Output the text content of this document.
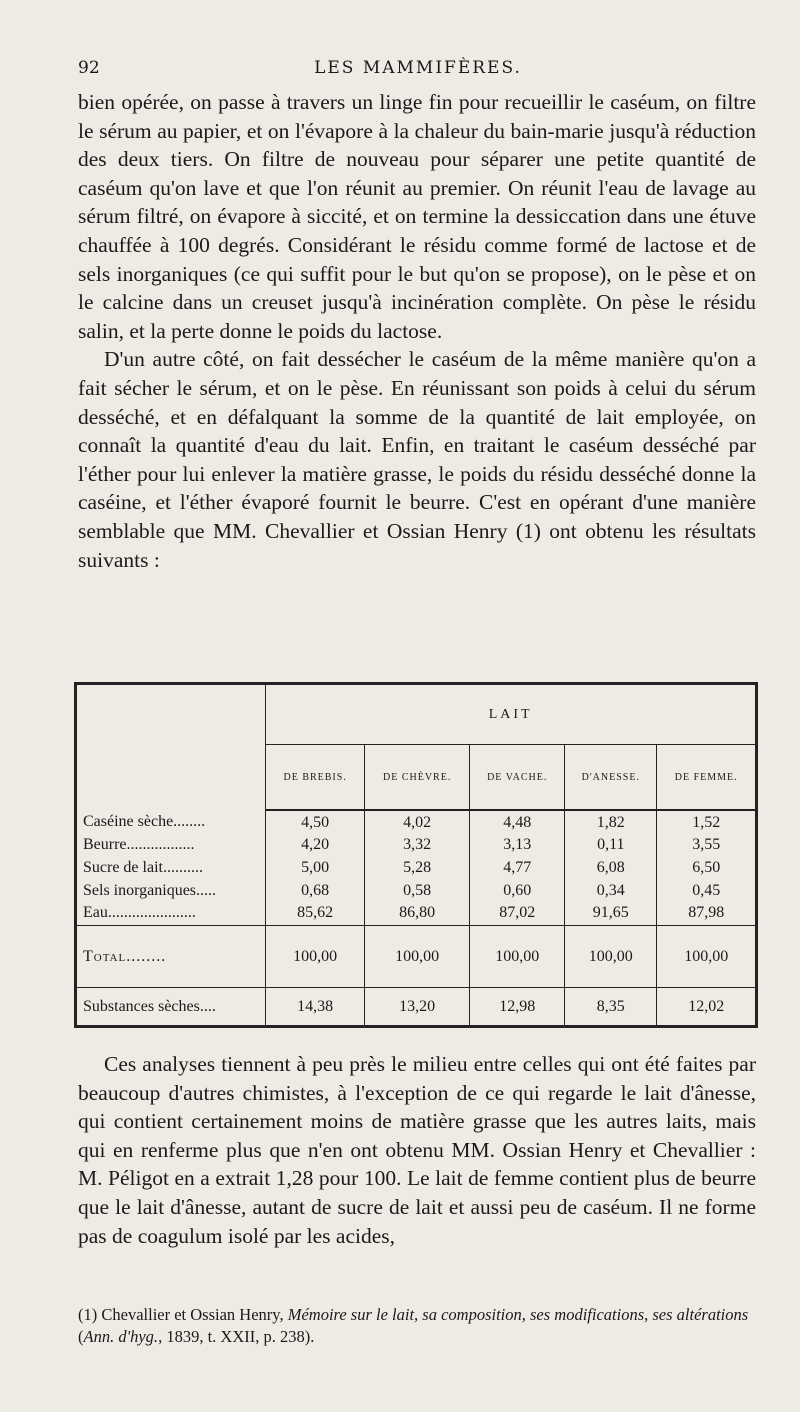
92	LES MAMMIFÈRES.

bien opérée, on passe à travers un linge fin pour recueillir le caséum, on filtre le sérum au papier, et on l'évapore à la chaleur du bain-marie jusqu'à réduction des deux tiers. On filtre de nouveau pour séparer une petite quantité de caséum qu'on lave et que l'on réunit au premier. On réunit l'eau de lavage au sérum filtré, on évapore à siccité, et on termine la dessiccation dans une étuve chauffée à 100 degrés. Considérant le résidu comme formé de lactose et de sels inorganiques (ce qui suffit pour le but qu'on se propose), on le pèse et on le calcine dans un creuset jusqu'à incinération complète. On pèse le résidu salin, et la perte donne le poids du lactose.

D'un autre côté, on fait dessécher le caséum de la même manière qu'on a fait sécher le sérum, et on le pèse. En réunissant son poids à celui du sérum desséché, et en défalquant la somme de la quantité de lait employée, on connaît la quantité d'eau du lait. Enfin, en traitant le caséum desséché par l'éther pour lui enlever la matière grasse, le poids du résidu desséché donne la caséine, et l'éther évaporé fournit le beurre. C'est en opérant d'une manière semblable que MM. Chevallier et Ossian Henry (1) ont obtenu les résultats suivants :

	LAIT				
	DE BREBIS.	DE CHÈVRE.	DE VACHE.	D'ANESSE.	DE FEMME.
Caséine sèche........	4,50	4,02	4,48	1,82	1,52
Beurre.................	4,20	3,32	3,13	0,11	3,55
Sucre de lait..........	5,00	5,28	4,77	6,08	6,50
Sels inorganiques.....	0,68	0,58	0,60	0,34	0,45
Eau......................	85,62	86,80	87,02	91,65	87,98
Total........	100,00	100,00	100,00	100,00	100,00
Substances sèches....	14,38	13,20	12,98	8,35	12,02

Ces analyses tiennent à peu près le milieu entre celles qui ont été faites par beaucoup d'autres chimistes, à l'exception de ce qui regarde le lait d'ânesse, qui contient certainement moins de matière grasse que les autres laits, mais qui en renferme plus que n'en ont obtenu MM. Ossian Henry et Chevallier : M. Péligot en a extrait 1,28 pour 100. Le lait de femme contient plus de beurre que le lait d'ânesse, autant de sucre de lait et aussi peu de caséum. Il ne forme pas de coagulum isolé par les acides,

(1) Chevallier et Ossian Henry, Mémoire sur le lait, sa composition, ses modifications, ses altérations (Ann. d'hyg., 1839, t. XXII, p. 238).
